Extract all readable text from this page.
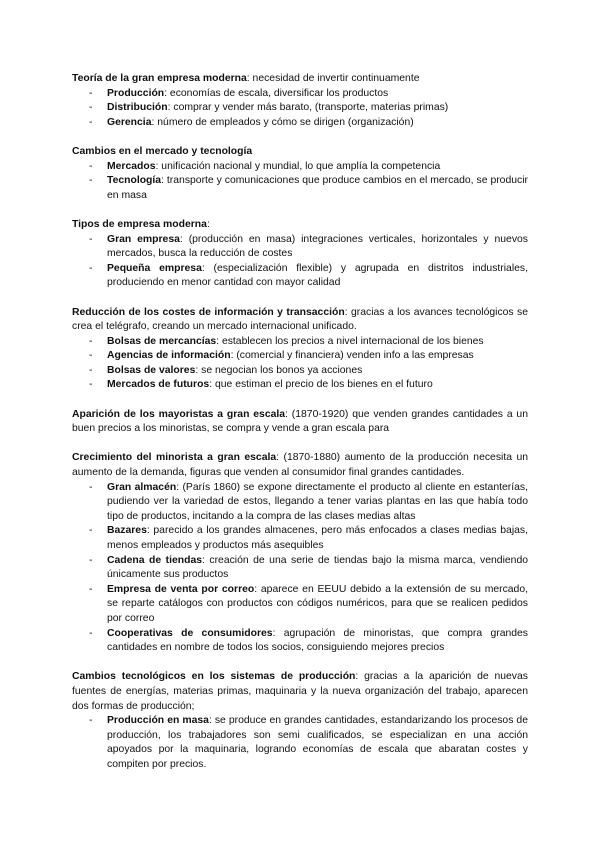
Teoría de la gran empresa moderna: necesidad de invertir continuamente

- Producción: economías de escala, diversificar los productos
- Distribución: comprar y vender más barato, (transporte, materias primas)
- Gerencia: número de empleados y cómo se dirigen (organización)

Cambios en el mercado y tecnología

- Mercados: unificación nacional y mundial, lo que amplía la competencia
- Tecnología: transporte y comunicaciones que produce cambios en el mercado, se producir en masa

Tipos de empresa moderna:

- Gran empresa: (producción en masa) integraciones verticales, horizontales y nuevos mercados, busca la reducción de costes
- Pequeña empresa: (especialización flexible) y agrupada en distritos industriales, produciendo en menor cantidad con mayor calidad

Reducción de los costes de información y transacción: gracias a los avances tecnológicos se crea el telégrafo, creando un mercado internacional unificado.

- Bolsas de mercancías: establecen los precios a nivel internacional de los bienes
- Agencias de información: (comercial y financiera) venden info a las empresas
- Bolsas de valores: se negocian los bonos ya acciones
- Mercados de futuros: que estiman el precio de los bienes en el futuro

Aparición de los mayoristas a gran escala: (1870-1920) que venden grandes cantidades a un buen precios a los minoristas, se compra y vende a gran escala para

Crecimiento del minorista a gran escala: (1870-1880) aumento de la producción necesita un aumento de la demanda, figuras que venden al consumidor final grandes cantidades.

- Gran almacén: (París 1860) se expone directamente el producto al cliente en estanterías, pudiendo ver la variedad de estos, llegando a tener varias plantas en las que había todo tipo de productos, incitando a la compra de las clases medias altas
- Bazares: parecido a los grandes almacenes, pero más enfocados a clases medias bajas, menos empleados y productos más asequibles
- Cadena de tiendas: creación de una serie de tiendas bajo la misma marca, vendiendo únicamente sus productos
- Empresa de venta por correo: aparece en EEUU debido a la extensión de su mercado, se reparte catálogos con productos con códigos numéricos, para que se realicen pedidos por correo
- Cooperativas de consumidores: agrupación de minoristas, que compra grandes cantidades en nombre de todos los socios, consiguiendo mejores precios

Cambios tecnológicos en los sistemas de producción: gracias a la aparición de nuevas fuentes de energías, materias primas, maquinaria y la nueva organización del trabajo, aparecen dos formas de producción;

- Producción en masa: se produce en grandes cantidades, estandarizando los procesos de producción, los trabajadores son semi cualificados, se especializan en una acción apoyados por la maquinaria, logrando economías de escala que abaratan costes y compiten por precios.
